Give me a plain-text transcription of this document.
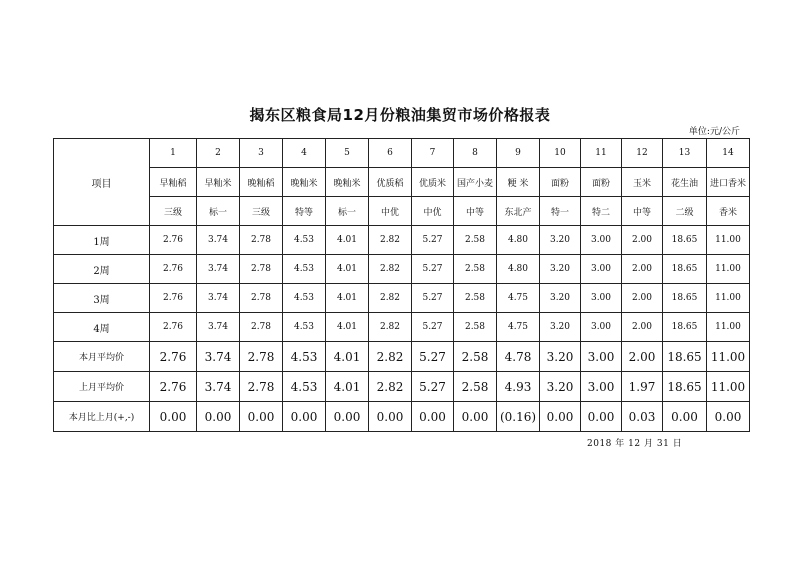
揭东区粮食局12月份粮油集贸市场价格报表
单位:元/公斤
项目	1	2	3	4	5	6	7	8	9	10	11	12	13	14
	早籼稻	早籼米	晚籼稻	晚籼米	晚籼米	优质稻	优质米	国产小麦	粳 米	面粉	面粉	玉米	花生油	进口香米
	三级	标一	三级	特等	标一	中优	中优	中等	东北产	特一	特二	中等	二级	香米
1周	2.76	3.74	2.78	4.53	4.01	2.82	5.27	2.58	4.80	3.20	3.00	2.00	18.65	11.00
2周	2.76	3.74	2.78	4.53	4.01	2.82	5.27	2.58	4.80	3.20	3.00	2.00	18.65	11.00
3周	2.76	3.74	2.78	4.53	4.01	2.82	5.27	2.58	4.75	3.20	3.00	2.00	18.65	11.00
4周	2.76	3.74	2.78	4.53	4.01	2.82	5.27	2.58	4.75	3.20	3.00	2.00	18.65	11.00
本月平均价	2.76	3.74	2.78	4.53	4.01	2.82	5.27	2.58	4.78	3.20	3.00	2.00	18.65	11.00
上月平均价	2.76	3.74	2.78	4.53	4.01	2.82	5.27	2.58	4.93	3.20	3.00	1.97	18.65	11.00
本月比上月(+,-)	0.00	0.00	0.00	0.00	0.00	0.00	0.00	0.00	(0.16)	0.00	0.00	0.03	0.00	0.00
2018 年 12 月 31 日
